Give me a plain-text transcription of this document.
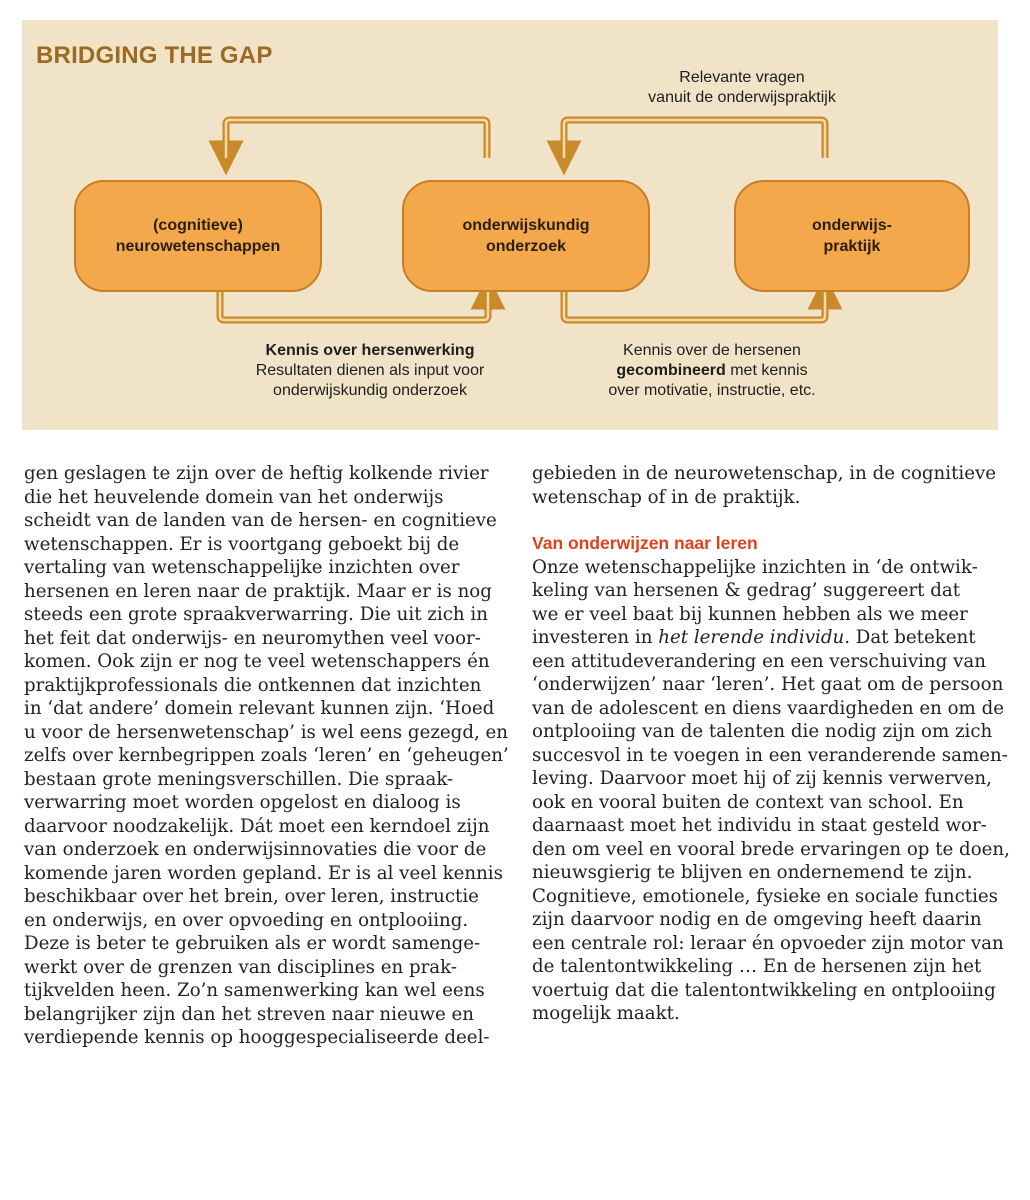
BRIDGING THE GAP
(cognitieve)
neurowetenschappen
onderwijskundig
onderzoek
onderwijs-
praktijk
Relevante vragen
vanuit de onderwijspraktijk
Kennis over hersenwerking
Resultaten dienen als input voor
onderwijskundig onderzoek
Kennis over de hersenen
gecombineerd met kennis
over motivatie, instructie, etc.

gen geslagen te zijn over de heftig kolkende rivier
die het heuvelende domein van het onderwijs
scheidt van de landen van de hersen- en cognitieve
wetenschappen. Er is voortgang geboekt bij de
vertaling van wetenschappelijke inzichten over
hersenen en leren naar de praktijk. Maar er is nog
steeds een grote spraakverwarring. Die uit zich in
het feit dat onderwijs- en neuromythen veel voor-
komen. Ook zijn er nog te veel wetenschappers én
praktijkprofessionals die ontkennen dat inzichten
in ‘dat andere’ domein relevant kunnen zijn. ‘Hoed
u voor de hersenwetenschap’ is wel eens gezegd, en
zelfs over kernbegrippen zoals ‘leren’ en ‘geheugen’
bestaan grote meningsverschillen. Die spraak-
verwarring moet worden opgelost en dialoog is
daarvoor noodzakelijk. Dát moet een kerndoel zijn
van onderzoek en onderwijsinnovaties die voor de
komende jaren worden gepland. Er is al veel kennis
beschikbaar over het brein, over leren, instructie
en onderwijs, en over opvoeding en ontplooiing.
Deze is beter te gebruiken als er wordt samenge-
werkt over de grenzen van disciplines en prak-
tijkvelden heen. Zo’n samenwerking kan wel eens
belangrijker zijn dan het streven naar nieuwe en
verdiepende kennis op hooggespecialiseerde deel-

gebieden in de neurowetenschap, in de cognitieve
wetenschap of in de praktijk.

Van onderwijzen naar leren

Onze wetenschappelijke inzichten in ‘de ontwik-
keling van hersenen & gedrag’ suggereert dat
we er veel baat bij kunnen hebben als we meer
investeren in het lerende individu. Dat betekent
een attitudeverandering en een verschuiving van
‘onderwijzen’ naar ‘leren’. Het gaat om de persoon
van de adolescent en diens vaardigheden en om de
ontplooiing van de talenten die nodig zijn om zich
succesvol in te voegen in een veranderende samen-
leving. Daarvoor moet hij of zij kennis verwerven,
ook en vooral buiten de context van school. En
daarnaast moet het individu in staat gesteld wor-
den om veel en vooral brede ervaringen op te doen,
nieuwsgierig te blijven en ondernemend te zijn.
Cognitieve, emotionele, fysieke en sociale functies
zijn daarvoor nodig en de omgeving heeft daarin
een centrale rol: leraar én opvoeder zijn motor van
de talentontwikkeling … En de hersenen zijn het
voertuig dat die talentontwikkeling en ontplooiing
mogelijk maakt.
